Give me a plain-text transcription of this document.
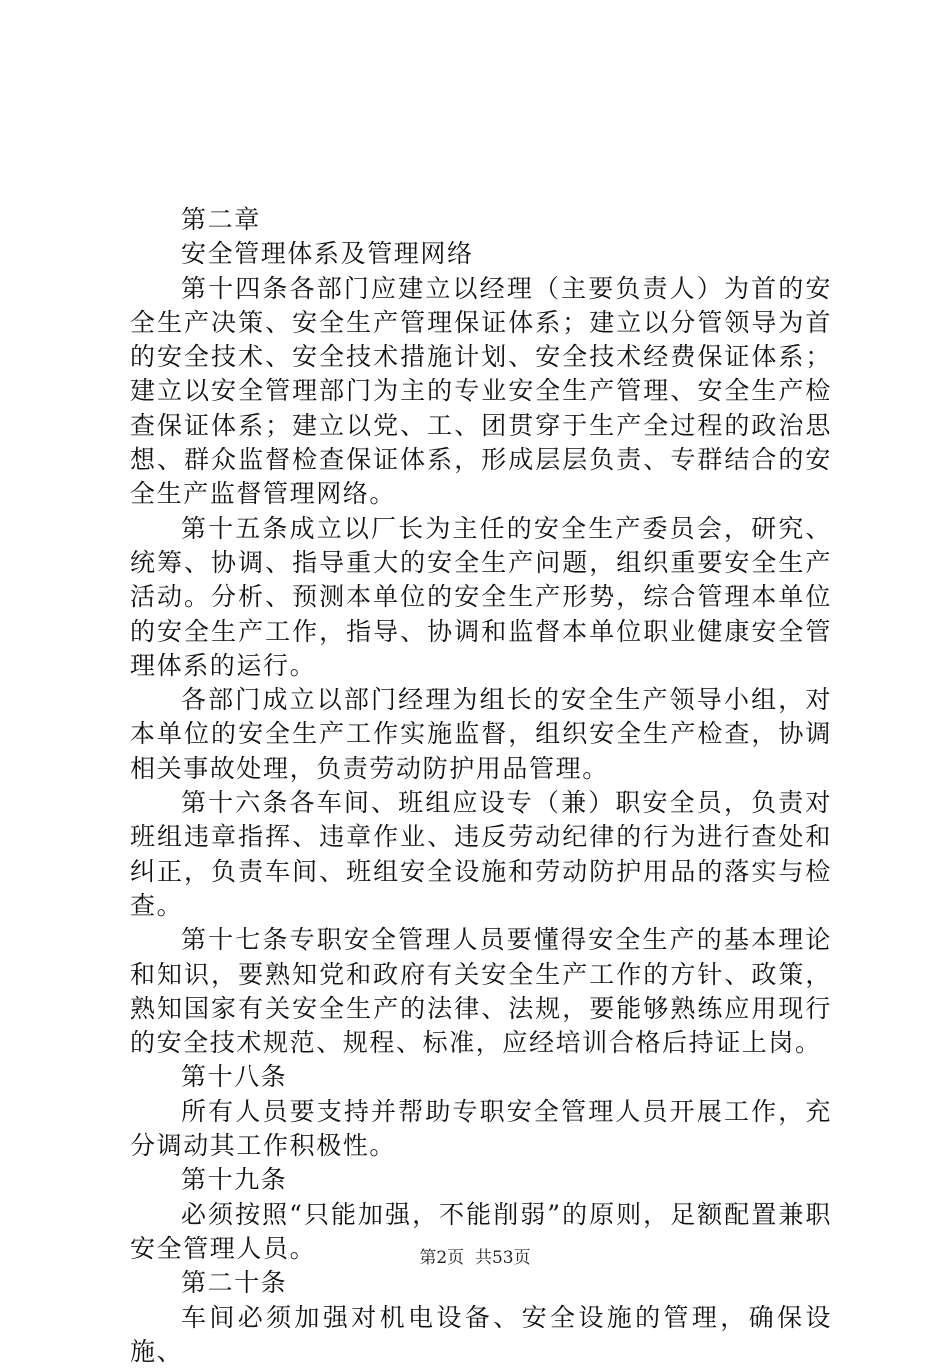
第二章

安全管理体系及管理网络

第十四条各部门应建立以经理（主要负责人）为首的安全生产决策、安全生产管理保证体系；建立以分管领导为首的安全技术、安全技术措施计划、安全技术经费保证体系；建立以安全管理部门为主的专业安全生产管理、安全生产检查保证体系；建立以党、工、团贯穿于生产全过程的政治思想、群众监督检查保证体系，形成层层负责、专群结合的安全生产监督管理网络。

第十五条成立以厂长为主任的安全生产委员会，研究、统筹、协调、指导重大的安全生产问题，组织重要安全生产活动。分析、预测本单位的安全生产形势，综合管理本单位的安全生产工作，指导、协调和监督本单位职业健康安全管理体系的运行。

各部门成立以部门经理为组长的安全生产领导小组，对本单位的安全生产工作实施监督，组织安全生产检查，协调相关事故处理，负责劳动防护用品管理。

第十六条各车间、班组应设专（兼）职安全员，负责对班组违章指挥、违章作业、违反劳动纪律的行为进行查处和纠正，负责车间、班组安全设施和劳动防护用品的落实与检查。

第十七条专职安全管理人员要懂得安全生产的基本理论和知识，要熟知党和政府有关安全生产工作的方针、政策，熟知国家有关安全生产的法律、法规，要能够熟练应用现行的安全技术规范、规程、标准，应经培训合格后持证上岗。

第十八条

所有人员要支持并帮助专职安全管理人员开展工作，充分调动其工作积极性。

第十九条

必须按照“只能加强，不能削弱”的原则，足额配置兼职安全管理人员。

第二十条

车间必须加强对机电设备、安全设施的管理，确保设施、

第2页  共53页
